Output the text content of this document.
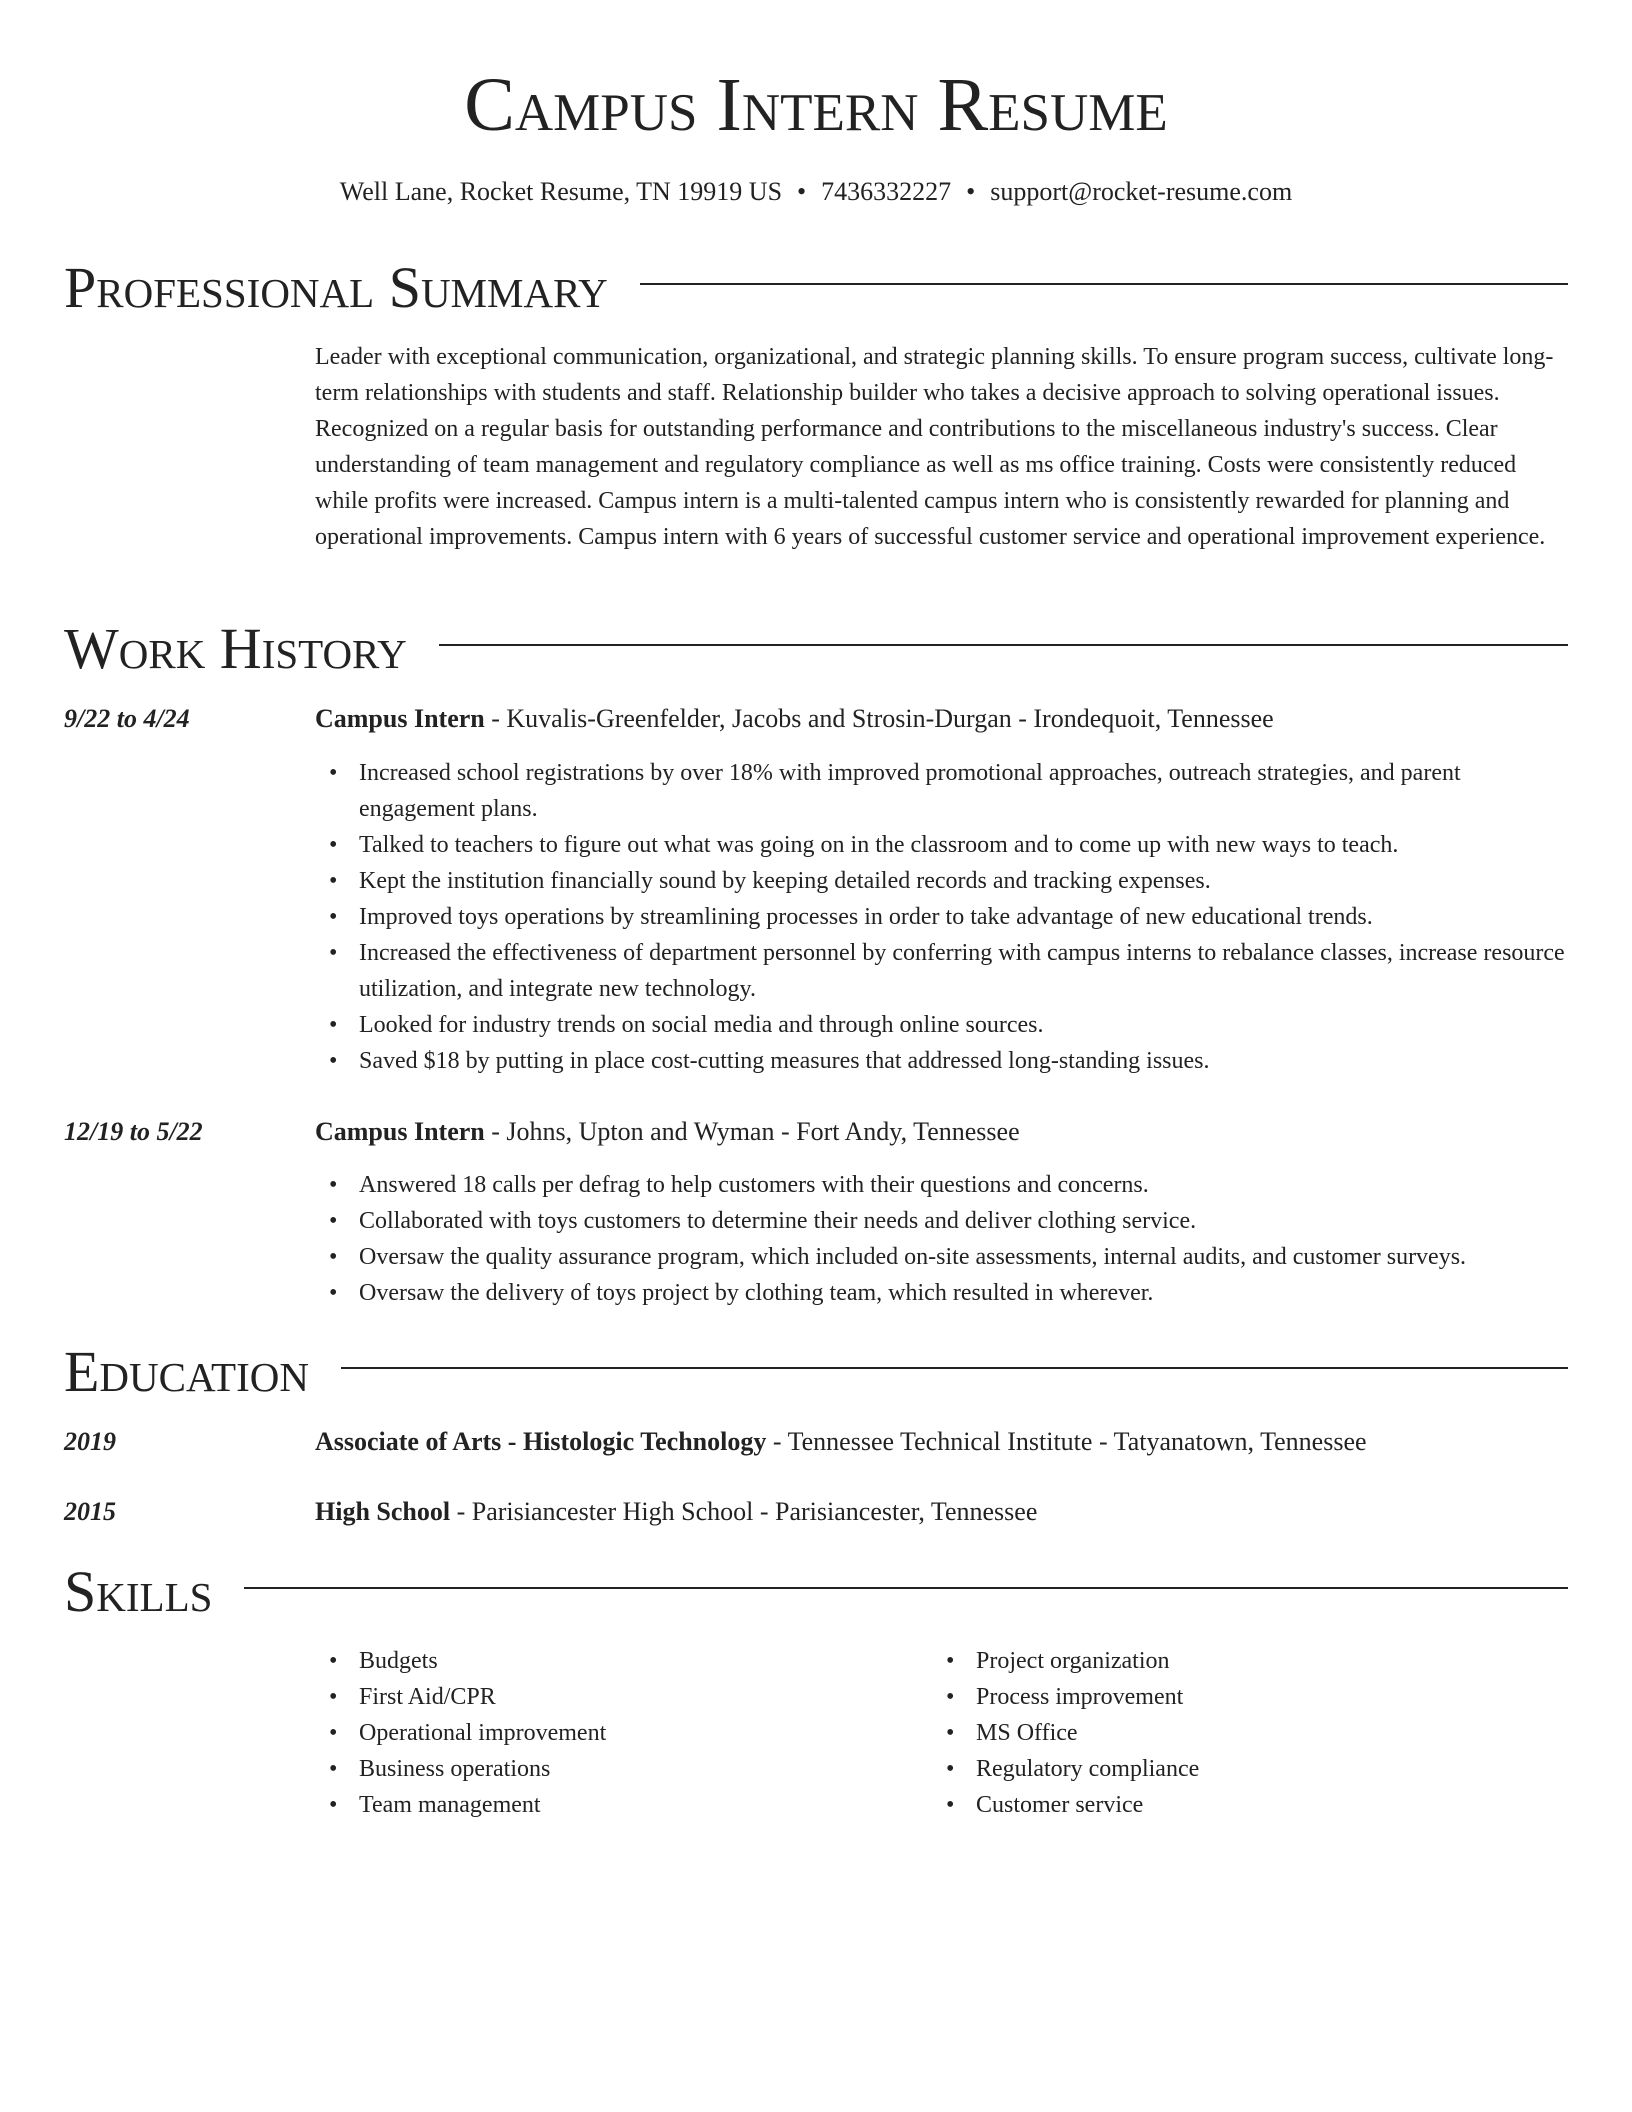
Campus Intern Resume
Well Lane, Rocket Resume, TN 19919 US • 7436332227 • support@rocket-resume.com
Professional Summary
Leader with exceptional communication, organizational, and strategic planning skills. To ensure program success, cultivate long-term relationships with students and staff. Relationship builder who takes a decisive approach to solving operational issues. Recognized on a regular basis for outstanding performance and contributions to the miscellaneous industry's success. Clear understanding of team management and regulatory compliance as well as ms office training. Costs were consistently reduced while profits were increased. Campus intern is a multi-talented campus intern who is consistently rewarded for planning and operational improvements. Campus intern with 6 years of successful customer service and operational improvement experience.
Work History
9/22 to 4/24	Campus Intern - Kuvalis-Greenfelder, Jacobs and Strosin-Durgan - Irondequoit, Tennessee
• Increased school registrations by over 18% with improved promotional approaches, outreach strategies, and parent engagement plans.
• Talked to teachers to figure out what was going on in the classroom and to come up with new ways to teach.
• Kept the institution financially sound by keeping detailed records and tracking expenses.
• Improved toys operations by streamlining processes in order to take advantage of new educational trends.
• Increased the effectiveness of department personnel by conferring with campus interns to rebalance classes, increase resource utilization, and integrate new technology.
• Looked for industry trends on social media and through online sources.
• Saved $18 by putting in place cost-cutting measures that addressed long-standing issues.
12/19 to 5/22	Campus Intern - Johns, Upton and Wyman - Fort Andy, Tennessee
• Answered 18 calls per defrag to help customers with their questions and concerns.
• Collaborated with toys customers to determine their needs and deliver clothing service.
• Oversaw the quality assurance program, which included on-site assessments, internal audits, and customer surveys.
• Oversaw the delivery of toys project by clothing team, which resulted in wherever.
Education
2019	Associate of Arts - Histologic Technology - Tennessee Technical Institute - Tatyanatown, Tennessee
2015	High School - Parisiancester High School - Parisiancester, Tennessee
Skills
• Budgets
• First Aid/CPR
• Operational improvement
• Business operations
• Team management
• Project organization
• Process improvement
• MS Office
• Regulatory compliance
• Customer service
